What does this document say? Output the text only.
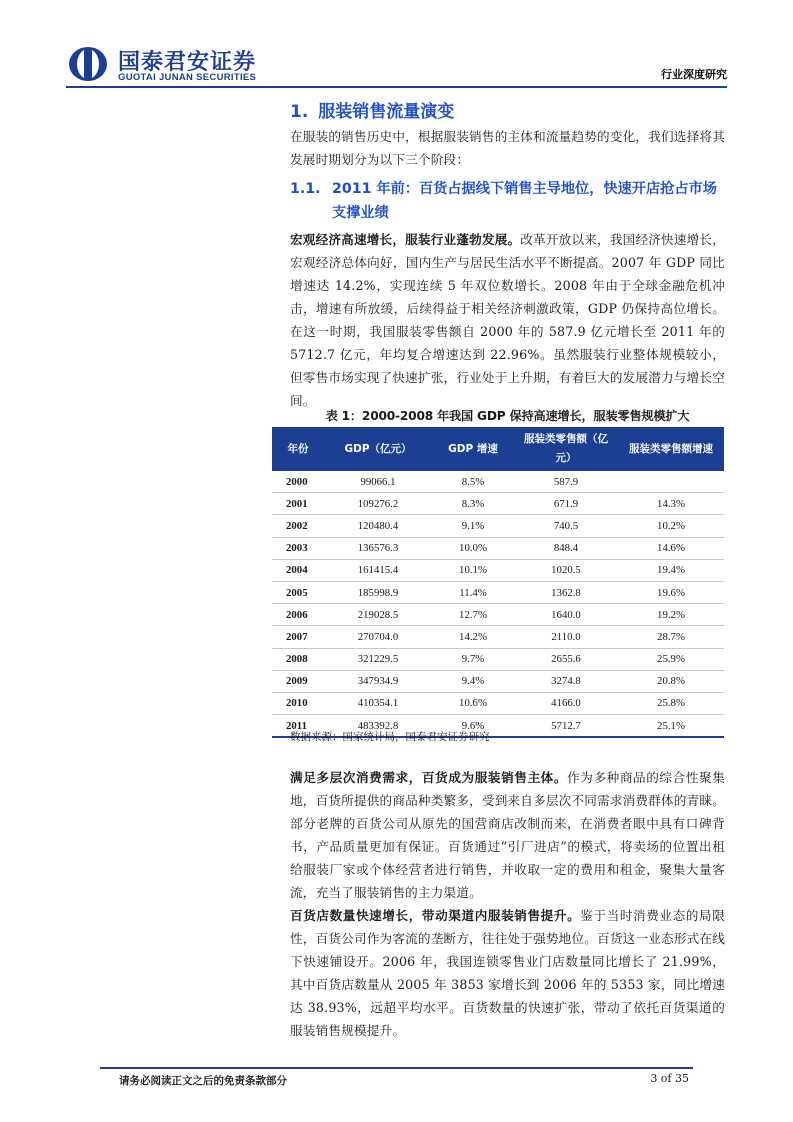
国泰君安证券
GUOTAI JUNAN SECURITIES	行业深度研究
1. 服装销售流量演变
在服装的销售历史中，根据服装销售的主体和流量趋势的变化，我们选择将其发展时期划分为以下三个阶段：
1.1. 2011 年前：百货占据线下销售主导地位，快速开店抢占市场支撑业绩
宏观经济高速增长，服装行业蓬勃发展。改革开放以来，我国经济快速增长，宏观经济总体向好，国内生产与居民生活水平不断提高。2007 年 GDP 同比增速达 14.2%，实现连续 5 年双位数增长。2008 年由于全球金融危机冲击，增速有所放缓，后续得益于相关经济刺激政策，GDP 仍保持高位增长。在这一时期，我国服装零售额自 2000 年的 587.9 亿元增长至 2011 年的 5712.7 亿元，年均复合增速达到 22.96%。虽然服装行业整体规模较小，但零售市场实现了快速扩张，行业处于上升期，有着巨大的发展潜力与增长空间。
表 1：2000-2008 年我国 GDP 保持高速增长，服装零售规模扩大
年份	GDP（亿元）	GDP 增速	服装类零售额（亿元）	服装类零售额增速

2000	99066.1	8.5%	587.9	
2001	109276.2	8.3%	671.9	14.3%
2002	120480.4	9.1%	740.5	10.2%
2003	136576.3	10.0%	848.4	14.6%
2004	161415.4	10.1%	1020.5	19.4%
2005	185998.9	11.4%	1362.8	19.6%
2006	219028.5	12.7%	1640.0	19.2%
2007	270704.0	14.2%	2110.0	28.7%
2008	321229.5	9.7%	2655.6	25.9%
2009	347934.9	9.4%	3274.8	20.8%
2010	410354.1	10.6%	4166.0	25.8%
2011	483392.8	9.6%	5712.7	25.1%
数据来源：国家统计局，国泰君安证券研究
满足多层次消费需求，百货成为服装销售主体。作为多种商品的综合性聚集地，百货所提供的商品种类繁多，受到来自多层次不同需求消费群体的青睐。部分老牌的百货公司从原先的国营商店改制而来，在消费者眼中具有口碑背书，产品质量更加有保证。百货通过“引厂进店”的模式，将卖场的位置出租给服装厂家或个体经营者进行销售，并收取一定的费用和租金，聚集大量客流，充当了服装销售的主力渠道。
百货店数量快速增长，带动渠道内服装销售提升。鉴于当时消费业态的局限性，百货公司作为客流的垄断方，往往处于强势地位。百货这一业态形式在线下快速铺设开。2006 年，我国连锁零售业门店数量同比增长了 21.99%，其中百货店数量从 2005 年 3853 家增长到 2006 年的 5353 家，同比增速达 38.93%，远超平均水平。百货数量的快速扩张，带动了依托百货渠道的服装销售规模提升。
请务必阅读正文之后的免责条款部分	3 of 35
